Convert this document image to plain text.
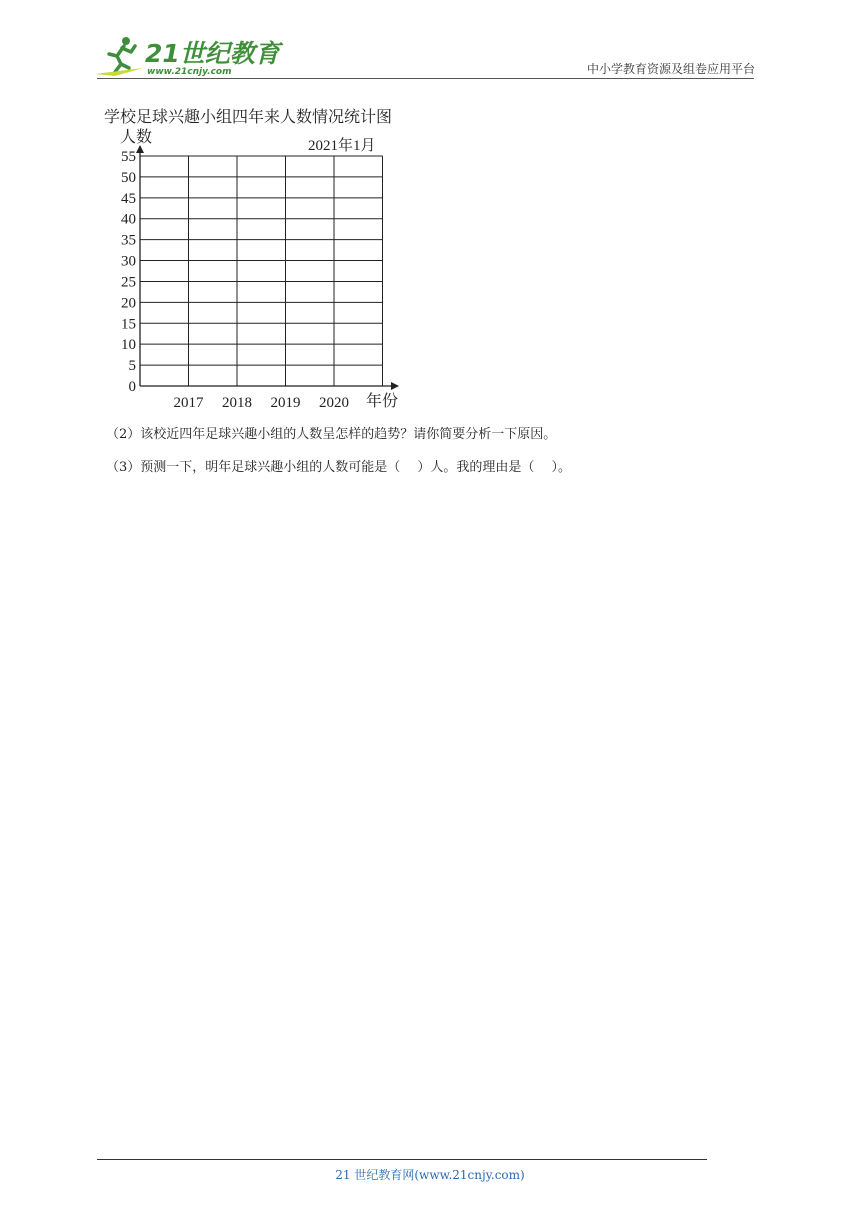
21世纪教育
www.21cnjy.com	中小学教育资源及组卷应用平台
学校足球兴趣小组四年来人数情况统计图
0
5
10
15
20
25
30
35
40
45
50
55
2017 2018 2019 2020
人数
年份
2021年1月
（2）该校近四年足球兴趣小组的人数呈怎样的趋势？请你简要分析一下原因。
（3）预测一下，明年足球兴趣小组的人数可能是（　 ）人。我的理由是（　 ）。
21 世纪教育网(www.21cnjy.com)
